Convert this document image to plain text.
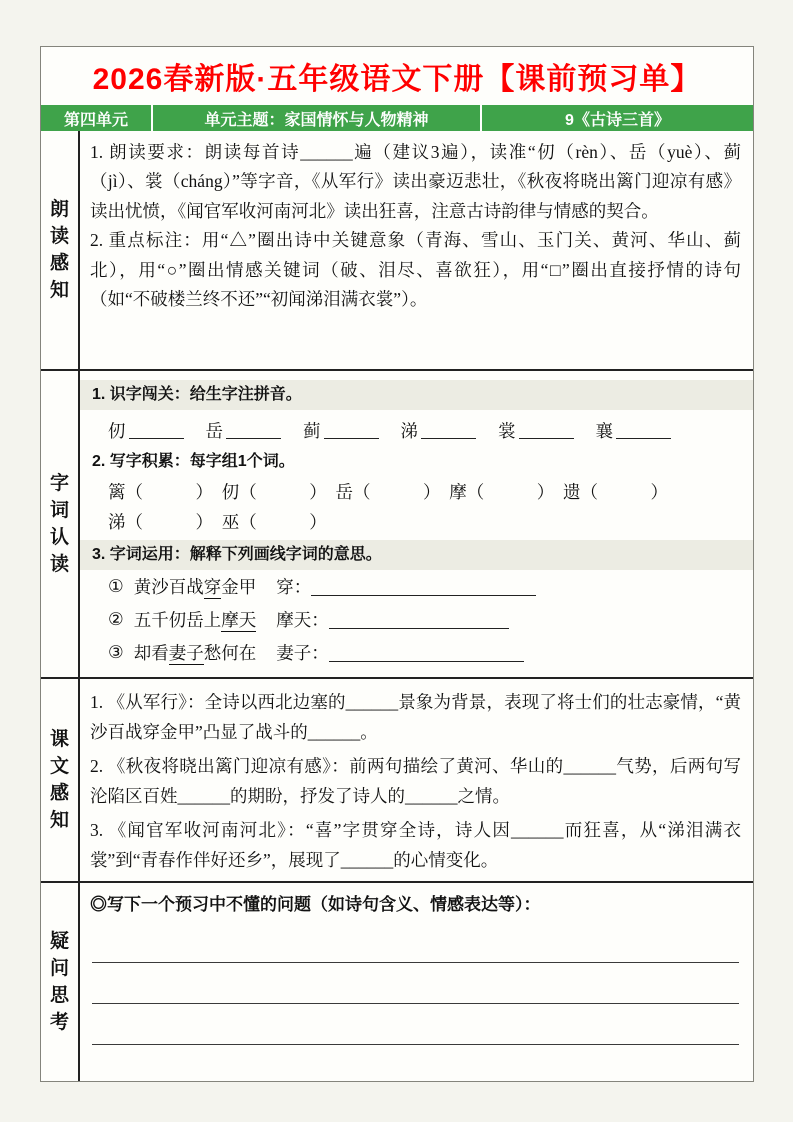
2026春新版·五年级语文下册【课前预习单】
第四单元	单元主题：家国情怀与人物精神	9《古诗三首》
朗读感知

1. 朗读要求：朗读每首诗______遍（建议3遍），读准“仞（rèn）、岳（yuè）、蓟（jì）、裳（cháng）”等字音，《从军行》读出豪迈悲壮，《秋夜将晓出篱门迎凉有感》读出忧愤，《闻官军收河南河北》读出狂喜，注意古诗韵律与情感的契合。

2. 重点标注：用“△”圈出诗中关键意象（青海、雪山、玉门关、黄河、华山、蓟北），用“○”圈出情感关键词（破、泪尽、喜欲狂），用“□”圈出直接抒情的诗句（如“不破楼兰终不还”“初闻涕泪满衣裳”）。

字词认读
1. 识字闯关：给生字注拼音。
仞	岳	蓟	涕	裳	襄
2. 写字积累：每字组1个词。
篱（　　　）　仞（　　　）　岳（　　　）　摩（　　　）　遗（　　　）
涕（　　　）　巫（　　　）
3. 字词运用：解释下列画线字词的意思。
① 黄沙百战穿金甲 穿：
② 五千仞岳上摩天 摩天：
③ 却看妻子愁何在 妻子：
课文感知

1. 《从军行》：全诗以西北边塞的______景象为背景，表现了将士们的壮志豪情，“黄沙百战穿金甲”凸显了战斗的______。

2. 《秋夜将晓出篱门迎凉有感》：前两句描绘了黄河、华山的______气势，后两句写沦陷区百姓______的期盼，抒发了诗人的______之情。

3. 《闻官军收河南河北》：“喜”字贯穿全诗，诗人因______而狂喜，从“涕泪满衣裳”到“青春作伴好还乡”，展现了______的心情变化。

疑问思考
◎写下一个预习中不懂的问题（如诗句含义、情感表达等）：
